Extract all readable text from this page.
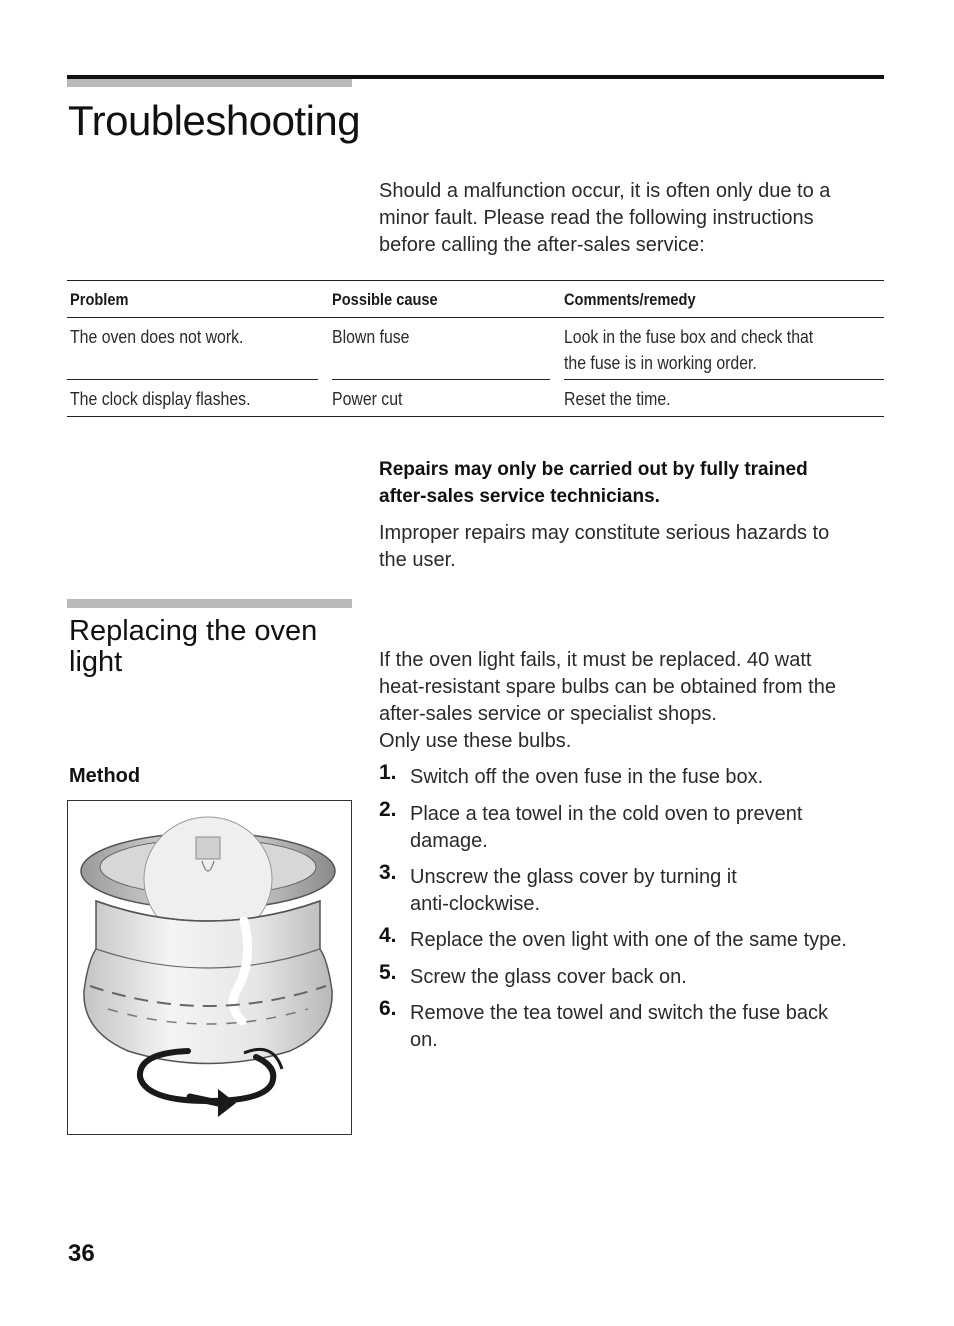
Troubleshooting
Should a malfunction occur, it is often only due to a
minor fault. Please read the following instructions
before calling the after-sales service:
Problem	Possible cause	Comments/remedy
The oven does not work.	Blown fuse	Look in the fuse box and check that
the fuse is in working order.
The clock display flashes.	Power cut	Reset the time.
Repairs may only be carried out by fully trained
after-sales service technicians.
Improper repairs may constitute serious hazards to
the user.
Replacing the oven
light	If the oven light fails, it must be replaced. 40 watt
heat-resistant spare bulbs can be obtained from the
after-sales service or specialist shops.
Only use these bulbs.
Method	1. Switch off the oven fuse in the fuse box.
2. Place a tea towel in the cold oven to prevent
damage.
3. Unscrew the glass cover by turning it
anti-clockwise.
4. Replace the oven light with one of the same type.
5. Screw the glass cover back on.
6. Remove the tea towel and switch the fuse back
on.
36
